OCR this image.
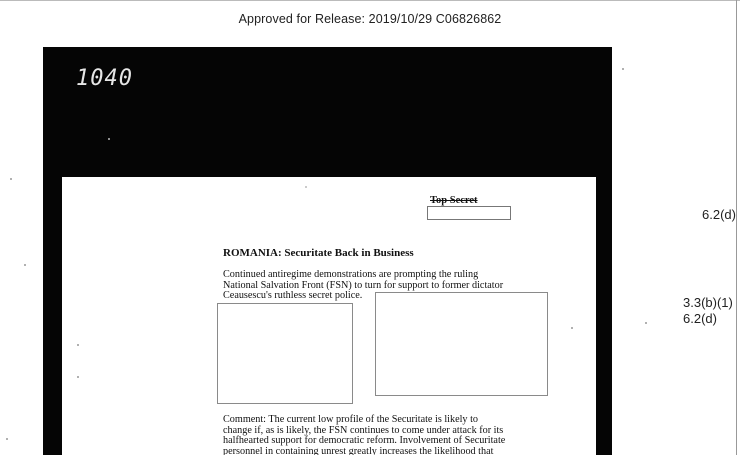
Approved for Release: 2019/10/29 C06826862
1040
Top Secret
ROMANIA: Securitate Back in Business
Continued antiregime demonstrations are prompting the ruling
National Salvation Front (FSN) to turn for support to former dictator
Ceausescu's ruthless secret police.
Comment: The current low profile of the Securitate is likely to
change if, as is likely, the FSN continues to come under attack for its
halfhearted support for democratic reform. Involvement of Securitate
personnel in containing unrest greatly increases the likelihood that
6.2(d)
3.3(b)(1)
6.2(d)
